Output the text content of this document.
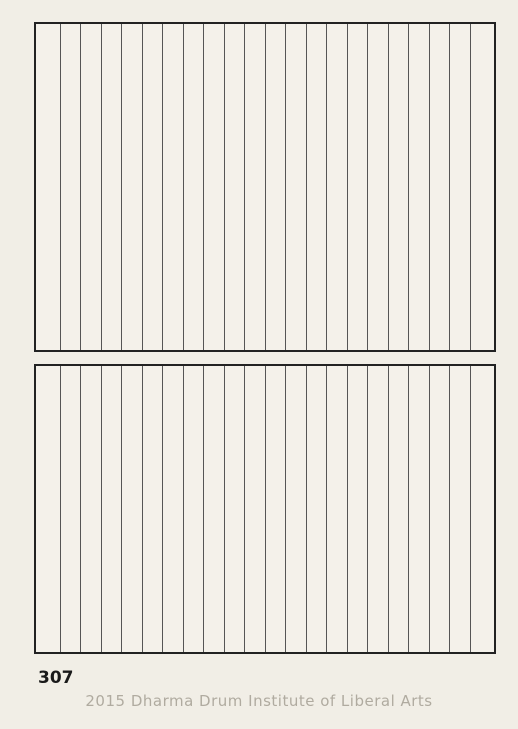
307
2015 Dharma Drum Institute of Liberal Arts
